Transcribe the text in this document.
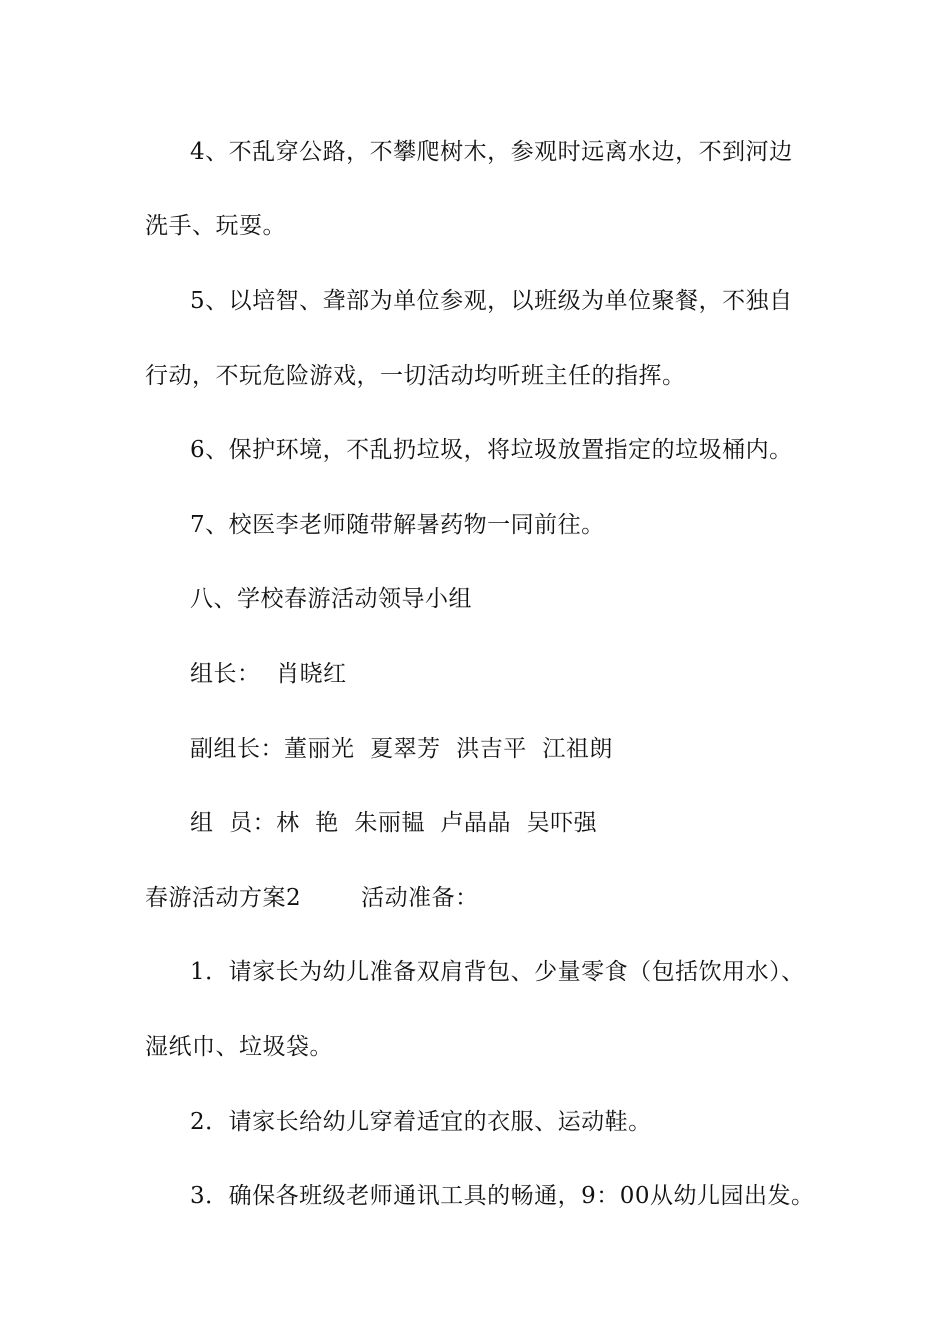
4、不乱穿公路，不攀爬树木，参观时远离水边，不到河边
洗手、玩耍。
5、以培智、聋部为单位参观，以班级为单位聚餐，不独自
行动，不玩危险游戏，一切活动均听班主任的指挥。
6、保护环境，不乱扔垃圾，将垃圾放置指定的垃圾桶内。
7、校医李老师随带解暑药物一同前往。
八、学校春游活动领导小组
组长：  肖晓红
副组长：董丽光  夏翠芳  洪吉平  江祖朗
组  员：林  艳  朱丽韫  卢晶晶  吴吓强
春游活动方案2	活动准备：
1．请家长为幼儿准备双肩背包、少量零食（包括饮用水）、
湿纸巾、垃圾袋。
2．请家长给幼儿穿着适宜的衣服、运动鞋。
3．确保各班级老师通讯工具的畅通，9：00从幼儿园出发。
